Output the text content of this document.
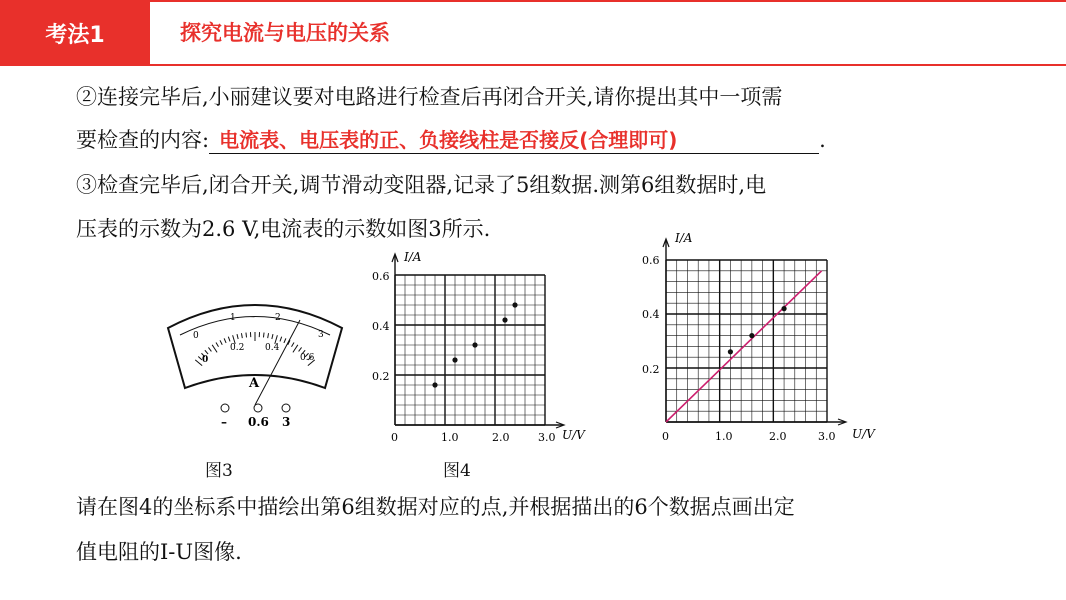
考法1	探究电流与电压的关系
②连接完毕后,小丽建议要对电路进行检查后再闭合开关,请你提出其中一项需
要检查的内容: 电流表、电压表的正、负接线柱是否接反(合理即可)	.
③检查完毕后,闭合开关,调节滑动变阻器,记录了5组数据.测第6组数据时,电
压表的示数为2.6 V,电流表的示数如图3所示.
0
1	2
3
0
0.2 0.4
0.6
A
– 0.6 3
图3
I/A
U/V
0.6
0.4
0.2
0	1.0	2.0	3.0
图4
I/A
U/V
0.6
0.4
0.2
0	1.0	2.0	3.0
请在图4的坐标系中描绘出第6组数据对应的点,并根据描出的6个数据点画出定
值电阻的I-U图像.
